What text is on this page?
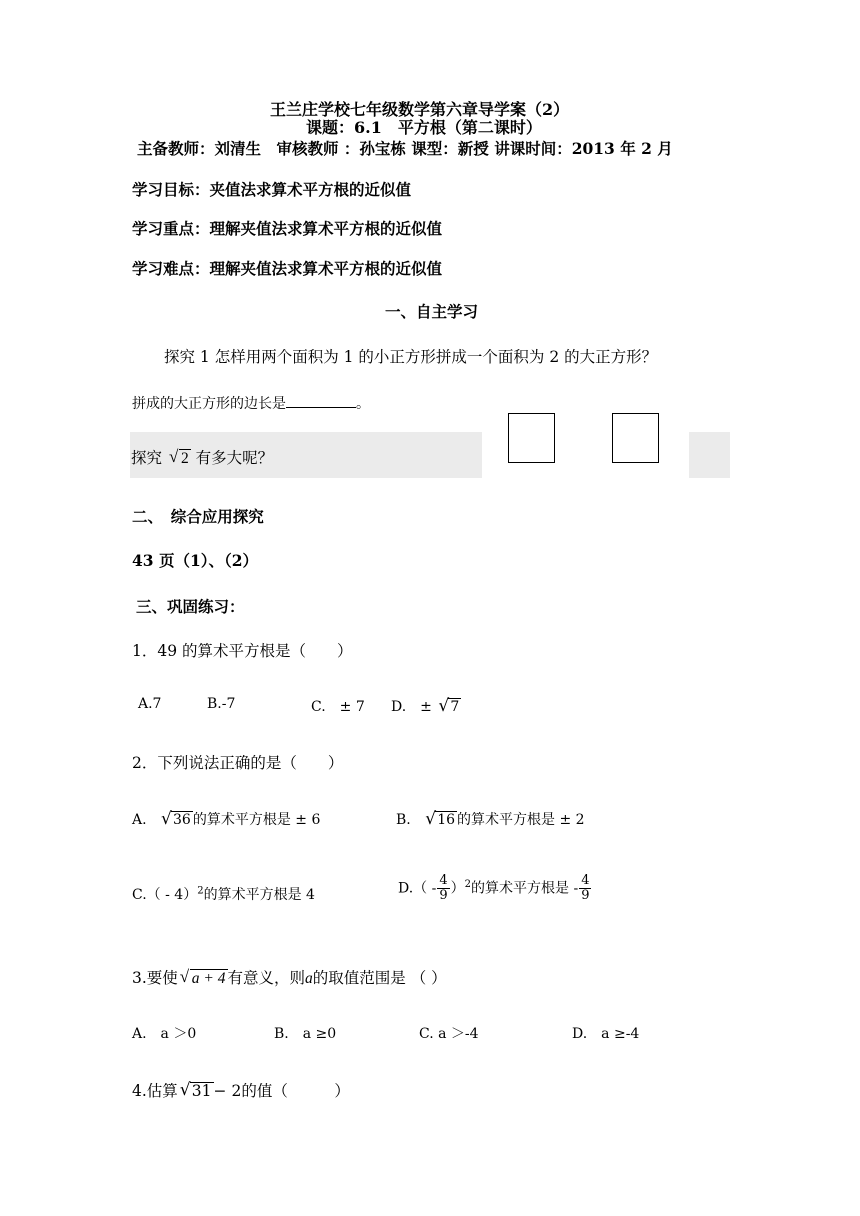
王兰庄学校七年级数学第六章导学案（2）
课题：6.1　平方根（第二课时）
主备教师：刘清生　审核教师 ：孙宝栋 课型：新授 讲课时间：2013 年 2 月
学习目标：夹值法求算术平方根的近似值
学习重点：理解夹值法求算术平方根的近似值
学习难点：理解夹值法求算术平方根的近似值
一、自主学习
探究 1 怎样用两个面积为 1 的小正方形拼成一个面积为 2 的大正方形？
拼成的大正方形的边长是	。
探究 √ 2 有多大呢？
二、　综合应用探究
43 页（1）、（2）
三、巩固练习：
1．49 的算术平方根是（　　）
A.7	B.-7	C.　± 7 D.　± √ 7
2．下列说法正确的是（　　）
A. √ 36 的算术平方根是 ± 6	B. √ 16 的算术平方根是 ± 2
C.（ - 4）$^2$的算术平方根是 4	$D.( - \frac{4}{9} )^2$的算术平方根是 - $\frac{4}{9}$
3.要使 √ a + 4 有意义，则a的取值范围是 （ ）
A.　a ＞0	B.　a ≥0	C. a ＞-4	D.　a ≥-4
4.估算 √ 31 − 2的值（　　　）
